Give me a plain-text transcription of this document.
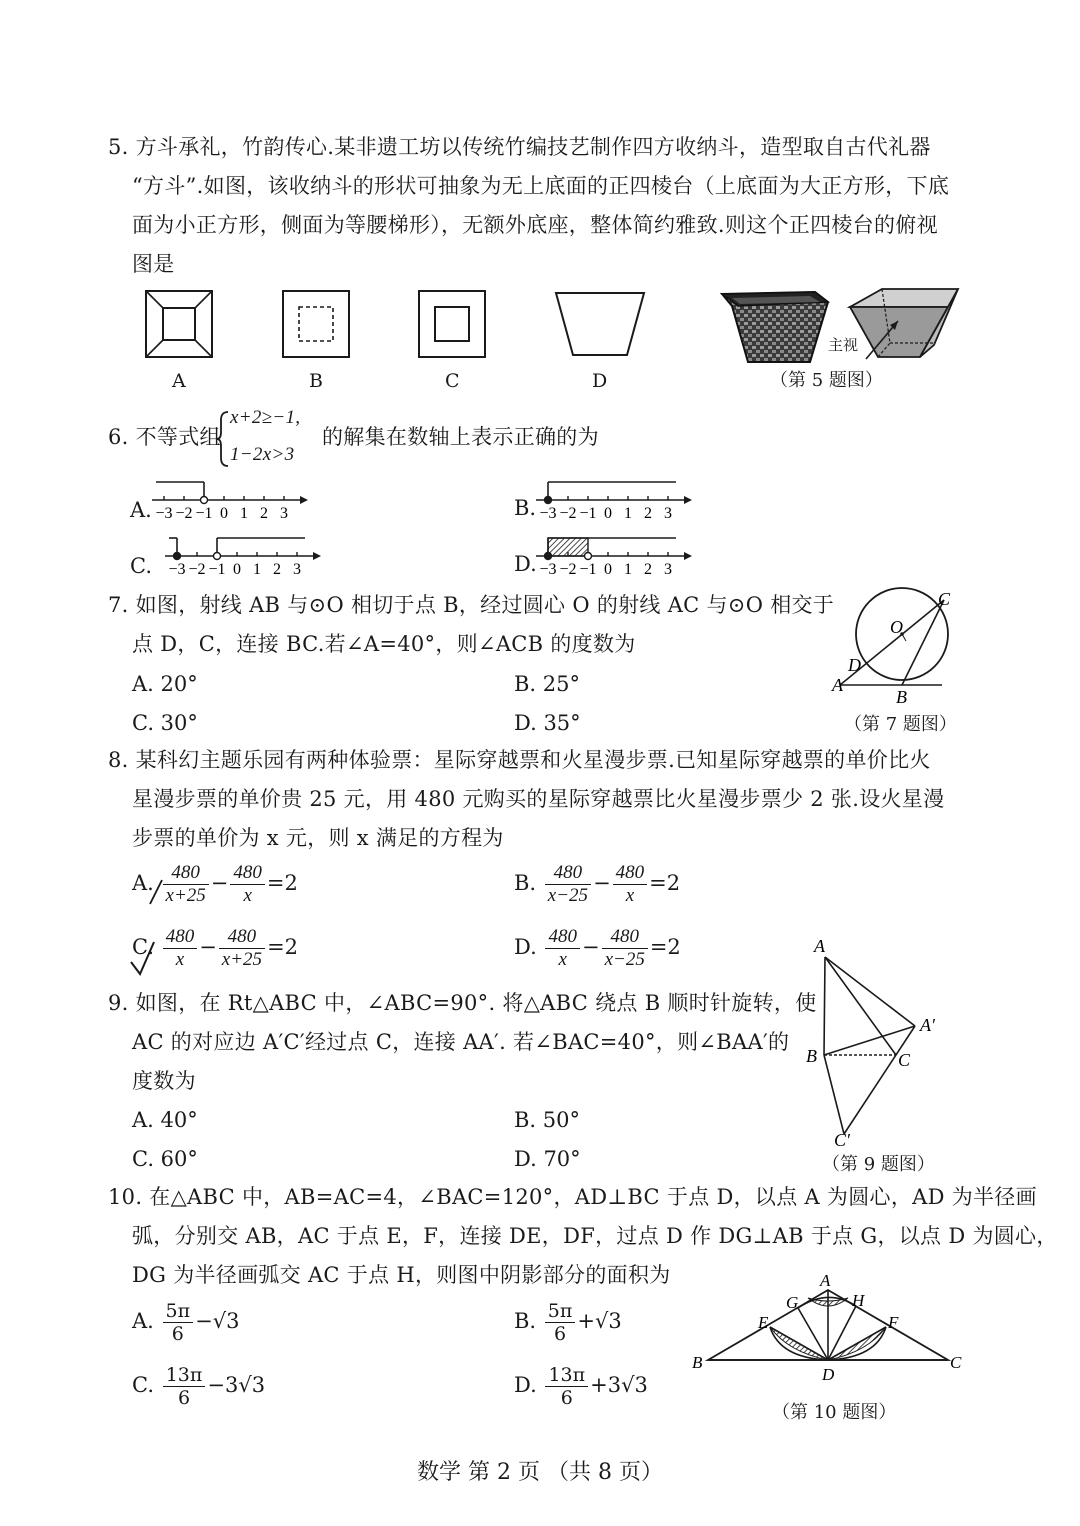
5. 方斗承礼，竹韵传心.某非遗工坊以传统竹编技艺制作四方收纳斗，造型取自古代礼器
“方斗”.如图，该收纳斗的形状可抽象为无上底面的正四棱台（上底面为大正方形，下底
面为小正方形，侧面为等腰梯形），无额外底座，整体简约雅致.则这个正四棱台的俯视
图是
A	B	C	D
主视
（第 5 题图）
6. 不等式组
x+2≥−1,
1−2x>3
的解集在数轴上表示正确的为
A.	B.
C.	D.
−3 −2 −1 0 1 2 3	−3 −2 −1 0 1 2 3
−3 −2 −1 0 1 2 3	−3 −2 −1 0 1 2 3
7. 如图，射线 AB 与⊙O 相切于点 B，经过圆心 O 的射线 AC 与⊙O 相交于
点 D，C，连接 BC.若∠A=40°，则∠ACB 的度数为
A. 20°	B. 25°
C. 30°	D. 35°
C
O
D
A
B
（第 7 题图）
8. 某科幻主题乐园有两种体验票：星际穿越票和火星漫步票.已知星际穿越票的单价比火
星漫步票的单价贵 25 元，用 480 元购买的星际穿越票比火星漫步票少 2 张.设火星漫
步票的单价为 x 元，则 x 满足的方程为
A. $\frac{480}{x+25} - \frac{480}{x} =2$	B. $\frac{480}{x-25} - \frac{480}{x} =2$
C. $\frac{480}{x} - \frac{480}{x+25} =2$	D. $\frac{480}{x} - \frac{480}{x-25} =2$
9. 如图，在 Rt△ABC 中，∠ABC=90°. 将△ABC 绕点 B 顺时针旋转，使
AC 的对应边 A′C′经过点 C，连接 AA′. 若∠BAC=40°，则∠BAA′的
度数为
A. 40°	B. 50°
C. 60°	D. 70°
A
A′
B	C
C′
（第 9 题图）
10. 在△ABC 中，AB=AC=4，∠BAC=120°，AD⊥BC 于点 D，以点 A 为圆心，AD 为半径画
弧，分别交 AB，AC 于点 E，F，连接 DE，DF，过点 D 作 DG⊥AB 于点 G，以点 D 为圆心，
DG 为半径画弧交 AC 于点 H，则图中阴影部分的面积为
A. $\frac{5\pi}{6} -√3$	B. $\frac{5\pi}{6} +√3$
C. $\frac{13\pi}{6} -3√3$	D. $\frac{13\pi}{6} +3√3$
A
G	H
E	F
B
D
C
（第 10 题图）
数学 第 2 页 （共 8 页）
